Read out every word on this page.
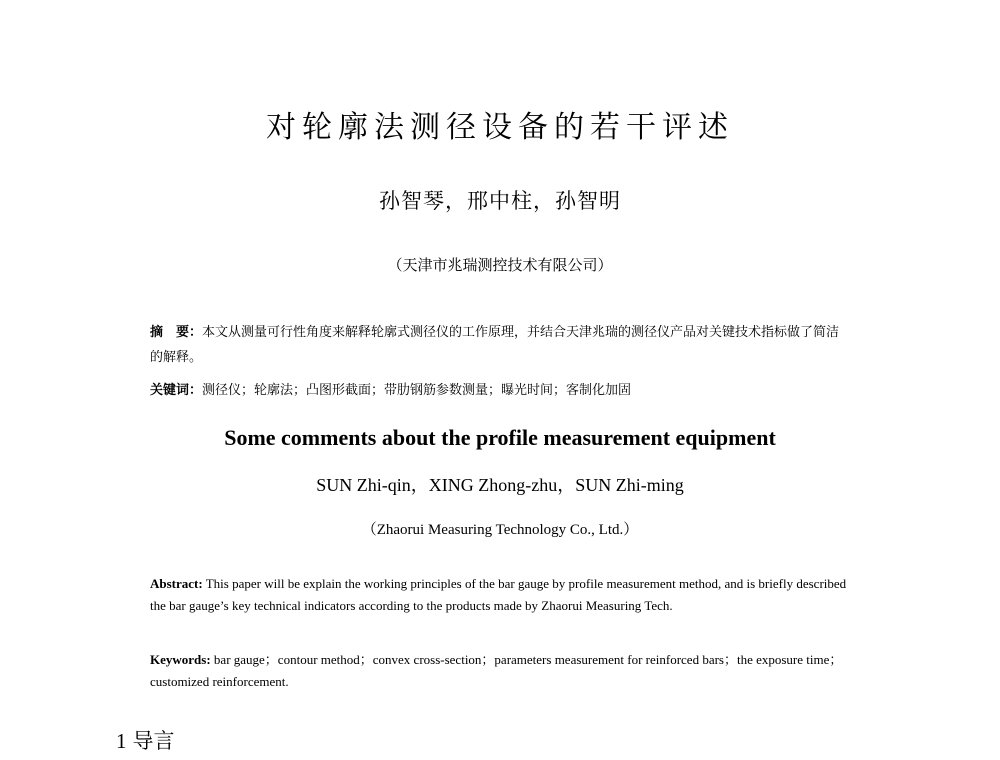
对轮廓法测径设备的若干评述
孙智琴，邢中柱，孙智明
（天津市兆瑞测控技术有限公司）
摘　要：本文从测量可行性角度来解释轮廓式测径仪的工作原理，并结合天津兆瑞的测径仪产品对关键技术指标做了简洁的解释。
关键词：测径仪；轮廓法；凸图形截面；带肋钢筋参数测量；曝光时间；客制化加固
Some comments about the profile measurement equipment
SUN Zhi-qin，XING Zhong-zhu，SUN Zhi-ming
（Zhaorui Measuring Technology Co., Ltd.）
Abstract: This paper will be explain the working principles of the bar gauge by profile measurement method, and is briefly described the bar gauge’s key technical indicators according to the products made by Zhaorui Measuring Tech.
Keywords: bar gauge；contour method；convex cross-section；parameters measurement for reinforced bars；the exposure time；customized reinforcement.
1 导言
